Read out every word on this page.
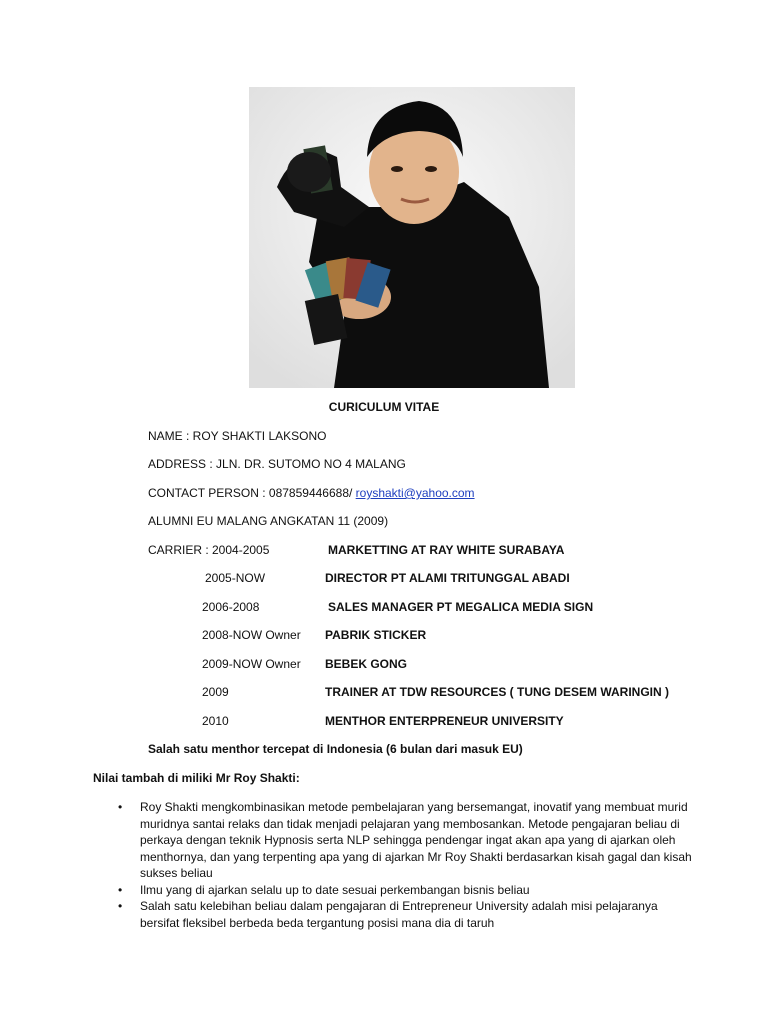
CURICULUM VITAE
NAME : ROY SHAKTI LAKSONO
ADDRESS : JLN. DR. SUTOMO NO 4 MALANG
CONTACT PERSON : 087859446688/ royshakti@yahoo.com
ALUMNI EU MALANG ANGKATAN 11 (2009)
CARRIER : 2004-2005	MARKETTING AT RAY WHITE SURABAYA
2005-NOW	DIRECTOR PT ALAMI TRITUNGGAL ABADI
2006-2008	SALES MANAGER PT MEGALICA MEDIA SIGN
2008-NOW Owner PABRIK STICKER
2009-NOW Owner BEBEK GONG
2009	TRAINER AT TDW RESOURCES ( TUNG DESEM WARINGIN )
2010	MENTHOR ENTERPRENEUR UNIVERSITY
Salah satu menthor tercepat di Indonesia (6 bulan dari masuk EU)
Nilai tambah di miliki Mr Roy Shakti:
• Roy Shakti mengkombinasikan metode pembelajaran yang bersemangat, inovatif yang membuat murid muridnya santai relaks dan tidak menjadi pelajaran yang membosankan. Metode pengajaran beliau di perkaya dengan teknik Hypnosis serta NLP sehingga pendengar ingat akan apa yang di ajarkan oleh menthornya, dan yang terpenting apa yang di ajarkan Mr Roy Shakti berdasarkan kisah gagal dan kisah sukses beliau
• Ilmu yang di ajarkan selalu up to date sesuai perkembangan bisnis beliau
• Salah satu kelebihan beliau dalam pengajaran di Entrepreneur University adalah misi pelajaranya bersifat fleksibel berbeda beda tergantung posisi mana dia di taruh
